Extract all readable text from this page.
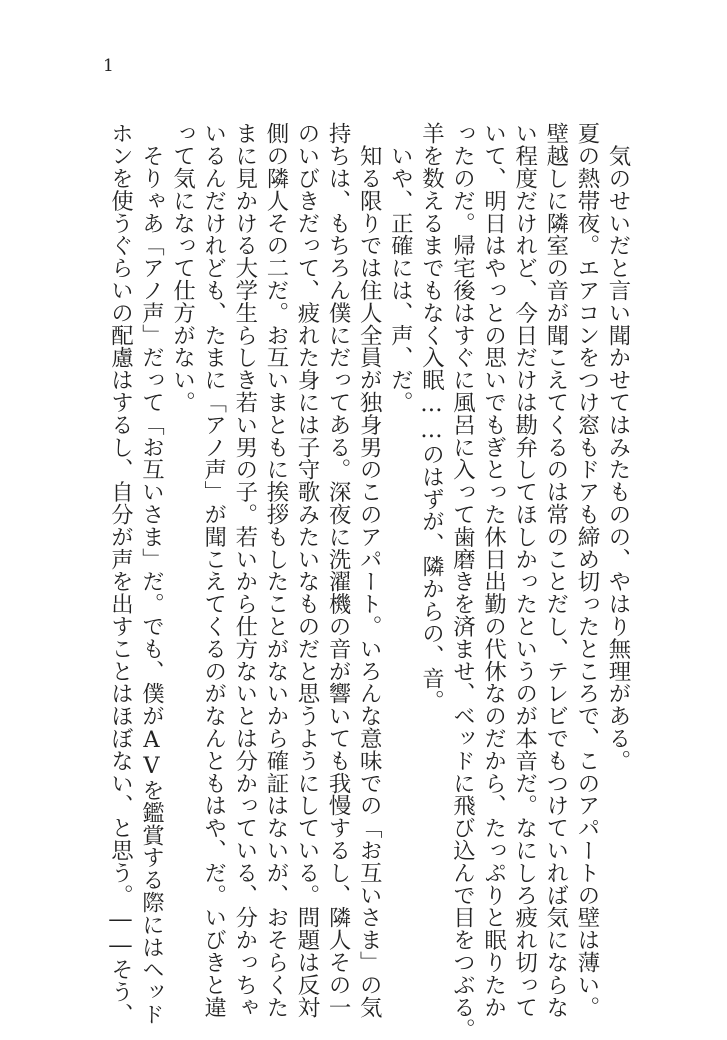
1
　気のせいだと言い聞かせてはみたものの、やはり無理がある。
夏の熱帯夜。エアコンをつけ窓もドアも締め切ったところで、このアパートの壁は薄い。
壁越しに隣室の音が聞こえてくるのは常のことだし、テレビでもつけていれば気にならな
い程度だけれど、今日だけは勘弁してほしかったというのが本音だ。なにしろ疲れ切って
いて、明日はやっとの思いでもぎとった休日出勤の代休なのだから、たっぷりと眠りたか
ったのだ。帰宅後はすぐに風呂に入って歯磨きを済ませ、ベッドに飛び込んで目をつぶる。
羊を数えるまでもなく入眠……のはずが、隣からの、音。
　いや、正確には、声、だ。
　知る限りでは住人全員が独身男のこのアパート。いろんな意味での「お互いさま」の気
持ちは、もちろん僕にだってある。深夜に洗濯機の音が響いても我慢するし、隣人その一
のいびきだって、疲れた身には子守歌みたいなものだと思うようにしている。問題は反対
側の隣人その二だ。お互いまともに挨拶もしたことがないから確証はないが、おそらくた
まに見かける大学生らしき若い男の子。若いから仕方ないとは分かっている、分かっちゃ
いるんだけれども、たまに「アノ声」が聞こえてくるのがなんともはや、だ。いびきと違
って気になって仕方がない。
　そりゃあ「アノ声」だって「お互いさま」だ。でも、僕がAVを鑑賞する際にはヘッド
ホンを使うぐらいの配慮はするし、自分が声を出すことはほぼない、と思う。――そう、
